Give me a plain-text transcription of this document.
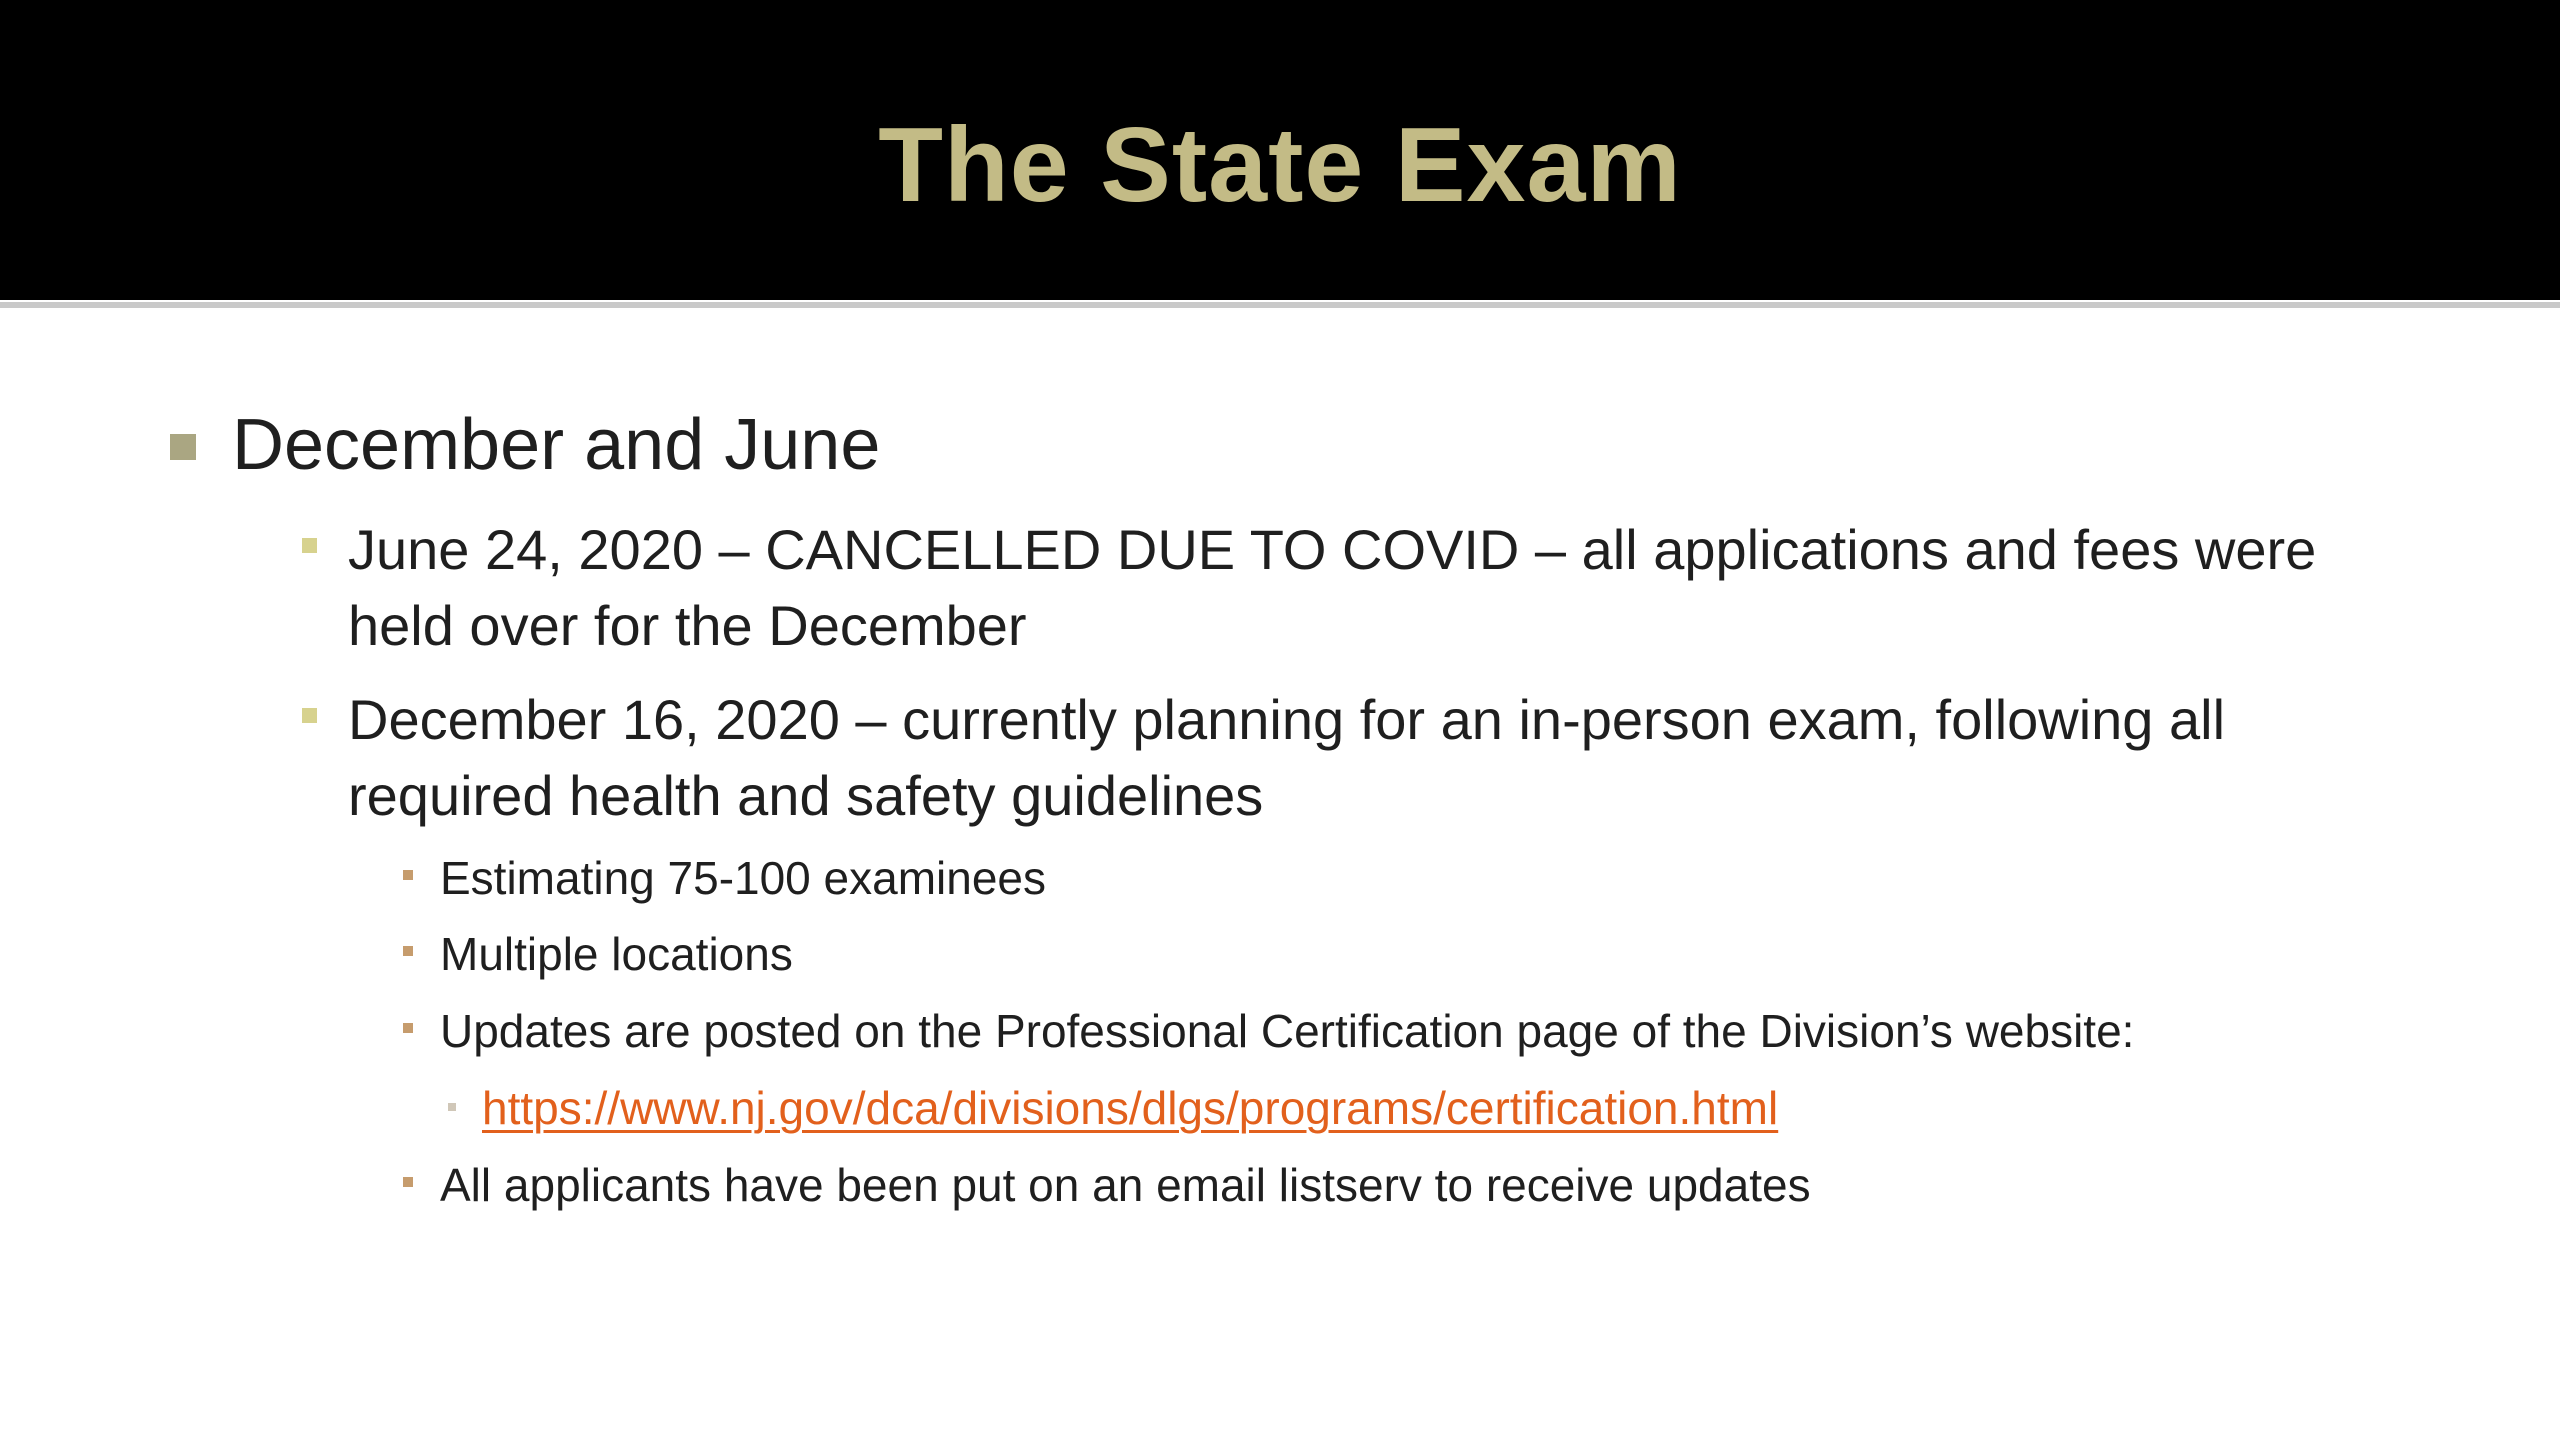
The State Exam
December and June
June 24, 2020 – CANCELLED DUE TO COVID – all applications and fees were held over for the December
December 16, 2020 – currently planning for an in-person exam, following all required health and safety guidelines
Estimating 75-100 examinees
Multiple locations
Updates are posted on the Professional Certification page of the Division’s website:
https://www.nj.gov/dca/divisions/dlgs/programs/certification.html
All applicants have been put on an email listserv to receive updates
